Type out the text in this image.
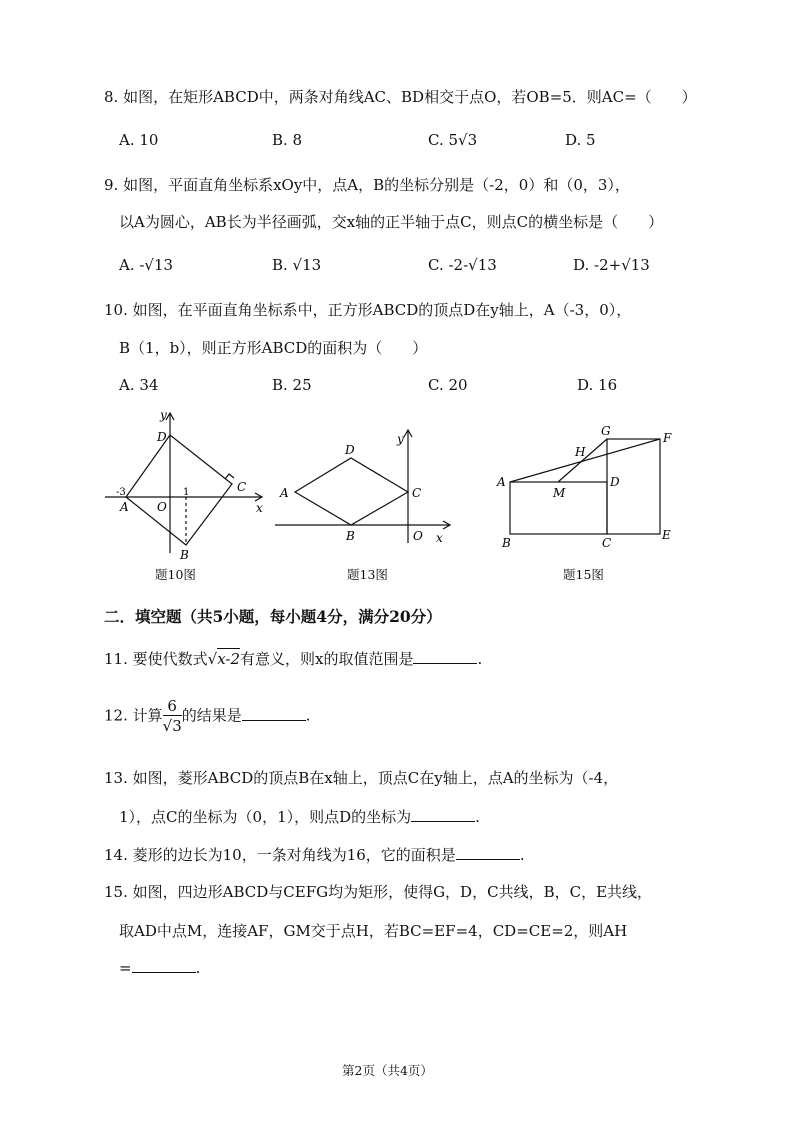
8. 如图，在矩形ABCD中，两条对角线AC、BD相交于点O，若OB=5．则AC=（　　）
A. 10	B. 8	C. 5√3	D. 5
9. 如图，平面直角坐标系xOy中，点A，B的坐标分别是（-2，0）和（0，3），
以A为圆心，AB长为半径画弧，交x轴的正半轴于点C，则点C的横坐标是（　　）
A. -√13	B. √13	C. -2-√13	D. -2+√13
10. 如图，在平面直角坐标系中，正方形ABCD的顶点D在y轴上，A（-3，0），
B（1，b），则正方形ABCD的面积为（　　）
A. 34	B. 25	C. 20	D. 16
y
x
D
C
A
-3
O
1
B
题10图
y
x
D
A	C
B	O
题13图
G	F
H
A
M
D
B	C
E
题15图
二．填空题（共5小题，每小题4分，满分20分）
11. 要使代数式√x-2有意义，则x的取值范围是	.
12. 计算 $\frac{6}{√3}$ 的结果是	.
13. 如图，菱形ABCD的顶点B在x轴上，顶点C在y轴上，点A的坐标为（-4，
1），点C的坐标为（0，1），则点D的坐标为	.
14. 菱形的边长为10，一条对角线为16，它的面积是	.
15. 如图，四边形ABCD与CEFG均为矩形，使得G，D，C共线，B，C，E共线，
取AD中点M，连接AF，GM交于点H，若BC=EF=4，CD=CE=2，则AH
=	.
第2页（共4页）
